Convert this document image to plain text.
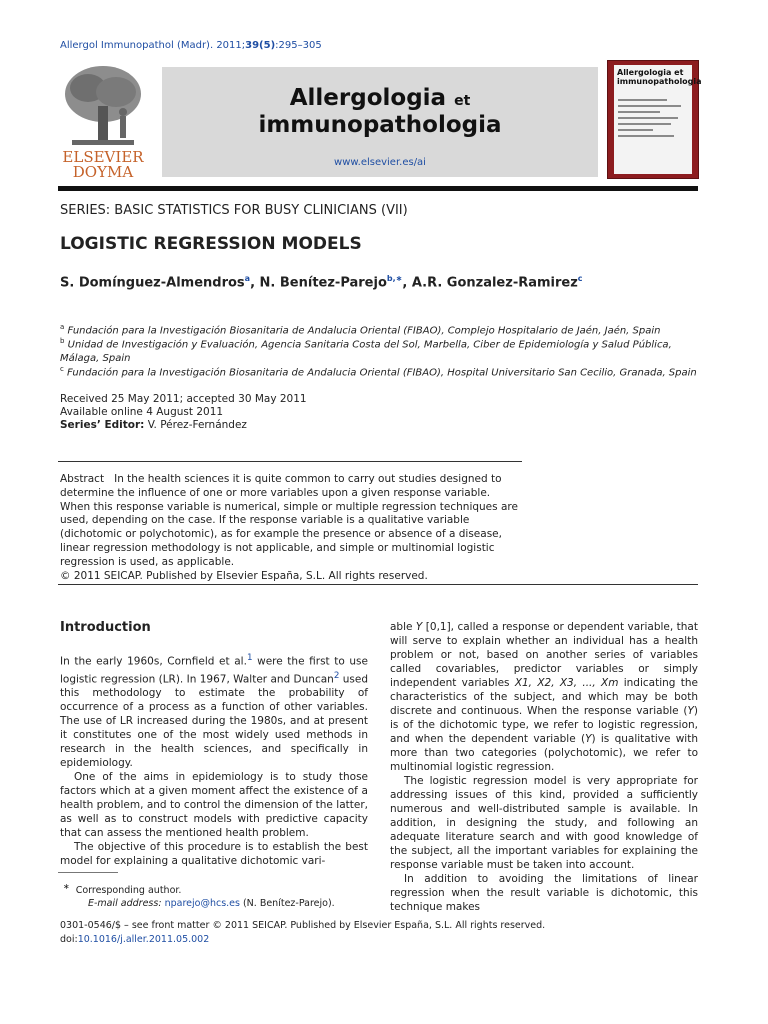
Allergol Immunopathol (Madr). 2011;39(5):295–305
ELSEVIER
DOYMA
Allergologia et
immunopathologia
www.elsevier.es/ai
Allergologia et
immunopathologia
SERIES: BASIC STATISTICS FOR BUSY CLINICIANS (VII)
LOGISTIC REGRESSION MODELS
S. Domínguez-Almendros$^a$, N. Benítez-Parejo$^{b,∗}$, A.R. Gonzalez-Ramirez$^c$
$^a$ Fundación para la Investigación Biosanitaria de Andalucia Oriental (FIBAO), Complejo Hospitalario de Jaén, Jaén, Spain
$^b$ Unidad de Investigación y Evaluación, Agencia Sanitaria Costa del Sol, Marbella, Ciber de Epidemiología y Salud Pública,
Málaga, Spain
$^c$ Fundación para la Investigación Biosanitaria de Andalucia Oriental (FIBAO), Hospital Universitario San Cecilio, Granada, Spain
Received 25 May 2011; accepted 30 May 2011
Available online 4 August 2011
Series’ Editor: V. Pérez-Fernández
Abstract In the health sciences it is quite common to carry out studies designed to determine the influence of one or more variables upon a given response variable. When this response variable is numerical, simple or multiple regression techniques are used, depending on the case. If the response variable is a qualitative variable (dichotomic or polychotomic), as for example the presence or absence of a disease, linear regression methodology is not applicable, and simple or multinomial logistic regression is used, as applicable.
© 2011 SEICAP. Published by Elsevier España, S.L. All rights reserved.
Introduction

In the early 1960s, Cornfield et al.$^1$ were the first to use logistic regression (LR). In 1967, Walter and Duncan$^2$ used this methodology to estimate the probability of occurrence of a process as a function of other variables. The use of LR increased during the 1980s, and at present it constitutes one of the most widely used methods in research in the health sciences, and specifically in epidemiology.

One of the aims in epidemiology is to study those factors which at a given moment affect the existence of a health problem, and to control the dimension of the latter, as well as to construct models with predictive capacity that can assess the mentioned health problem.

The objective of this procedure is to establish the best model for explaining a qualitative dichotomic vari-

able Y [0,1], called a response or dependent variable, that will serve to explain whether an individual has a health problem or not, based on another series of variables called covariables, predictor variables or simply independent variables X1, X2, X3, ..., Xm indicating the characteristics of the subject, and which may be both discrete and continuous. When the response variable (Y) is of the dichotomic type, we refer to logistic regression, and when the dependent variable (Y) is qualitative with more than two categories (polychotomic), we refer to multinomial logistic regression.

The logistic regression model is very appropriate for addressing issues of this kind, provided a sufficiently numerous and well-distributed sample is available. In addition, in designing the study, and following an adequate literature search and with good knowledge of the subject, all the important variables for explaining the response variable must be taken into account.

In addition to avoiding the limitations of linear regression when the result variable is dichotomic, this technique makes

∗ Corresponding author.
E-mail address: nparejo@hcs.es (N. Benítez-Parejo).
0301-0546/$ – see front matter © 2011 SEICAP. Published by Elsevier España, S.L. All rights reserved.
doi:10.1016/j.aller.2011.05.002
